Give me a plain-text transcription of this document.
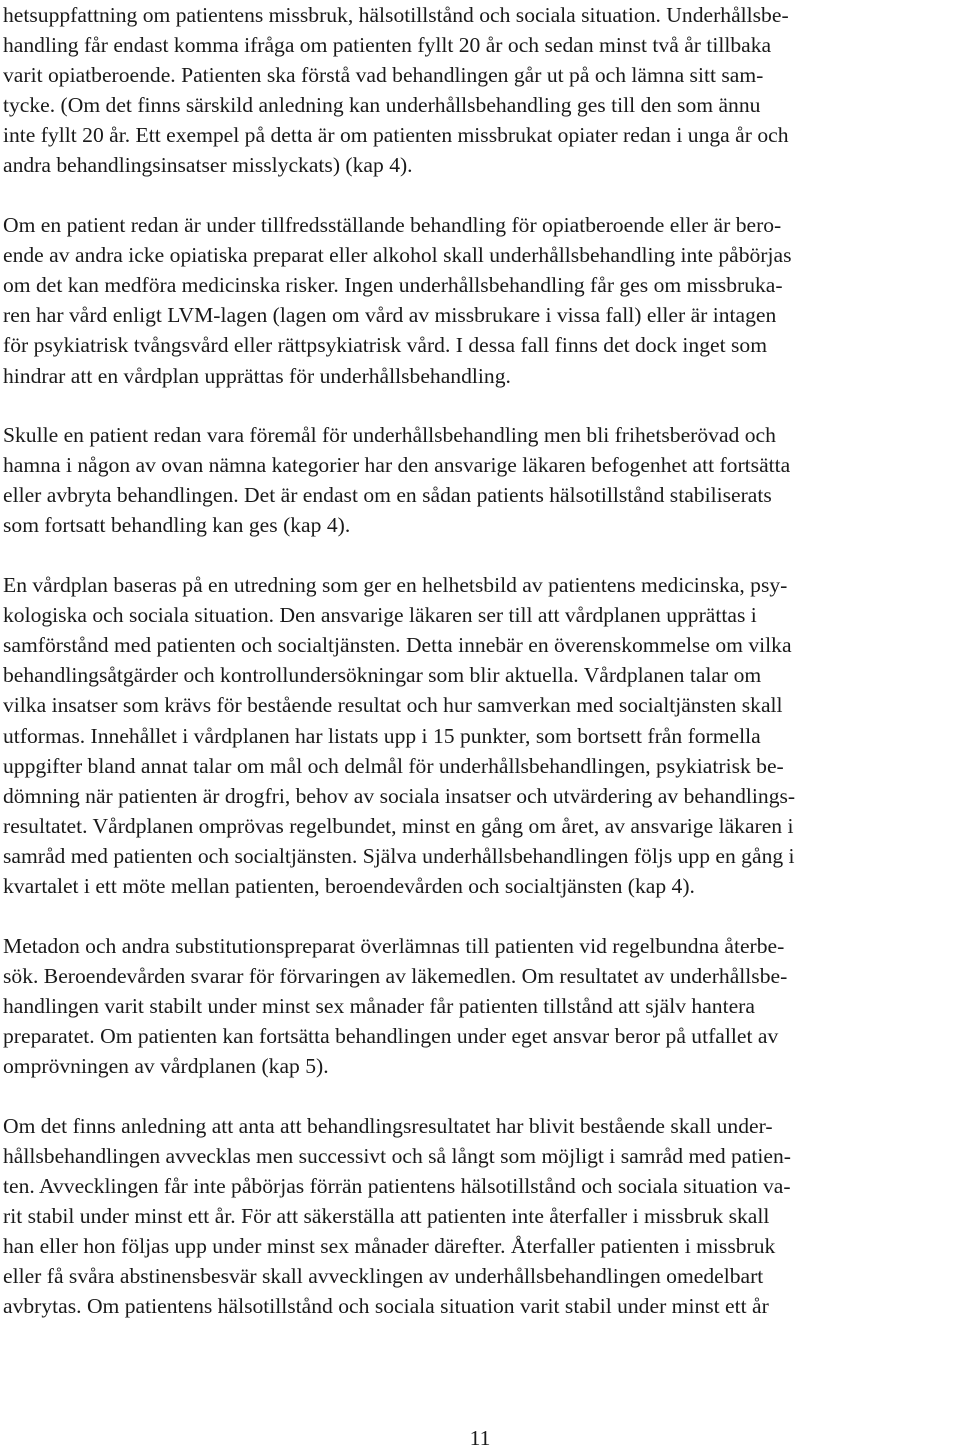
hetsuppfattning om patientens missbruk, hälsotillstånd och sociala situation. Underhållsbe-
handling får endast komma ifråga om patienten fyllt 20 år och sedan minst två år tillbaka
varit opiatberoende. Patienten ska förstå vad behandlingen går ut på och lämna sitt sam-
tycke. (Om det finns särskild anledning kan underhållsbehandling ges till den som ännu
inte fyllt 20 år. Ett exempel på detta är om patienten missbrukat opiater redan i unga år och
andra behandlingsinsatser misslyckats) (kap 4).
Om en patient redan är under tillfredsställande behandling för opiatberoende eller är bero-
ende av andra icke opiatiska preparat eller alkohol skall underhållsbehandling inte påbörjas
om det kan medföra medicinska risker. Ingen underhållsbehandling får ges om missbruka-
ren har vård enligt LVM-lagen (lagen om vård av missbrukare i vissa fall) eller är intagen
för psykiatrisk tvångsvård eller rättpsykiatrisk vård. I dessa fall finns det dock inget som
hindrar att en vårdplan upprättas för underhållsbehandling.
Skulle en patient redan vara föremål för underhållsbehandling men bli frihetsberövad och
hamna i någon av ovan nämna kategorier har den ansvarige läkaren befogenhet att fortsätta
eller avbryta behandlingen. Det är endast om en sådan patients hälsotillstånd stabiliserats
som fortsatt behandling kan ges (kap 4).
En vårdplan baseras på en utredning som ger en helhetsbild av patientens medicinska, psy-
kologiska och sociala situation. Den ansvarige läkaren ser till att vårdplanen upprättas i
samförstånd med patienten och socialtjänsten. Detta innebär en överenskommelse om vilka
behandlingsåtgärder och kontrollundersökningar som blir aktuella. Vårdplanen talar om
vilka insatser som krävs för bestående resultat och hur samverkan med socialtjänsten skall
utformas. Innehållet i vårdplanen har listats upp i 15 punkter, som bortsett från formella
uppgifter bland annat talar om mål och delmål för underhållsbehandlingen, psykiatrisk be-
dömning när patienten är drogfri, behov av sociala insatser och utvärdering av behandlings-
resultatet. Vårdplanen omprövas regelbundet, minst en gång om året, av ansvarige läkaren i
samråd med patienten och socialtjänsten. Själva underhållsbehandlingen följs upp en gång i
kvartalet i ett möte mellan patienten, beroendevården och socialtjänsten (kap 4).
Metadon och andra substitutionspreparat överlämnas till patienten vid regelbundna återbe-
sök. Beroendevården svarar för förvaringen av läkemedlen. Om resultatet av underhållsbe-
handlingen varit stabilt under minst sex månader får patienten tillstånd att själv hantera
preparatet. Om patienten kan fortsätta behandlingen under eget ansvar beror på utfallet av
omprövningen av vårdplanen (kap 5).
Om det finns anledning att anta att behandlingsresultatet har blivit bestående skall under-
hållsbehandlingen avvecklas men successivt och så långt som möjligt i samråd med patien-
ten. Avvecklingen får inte påbörjas förrän patientens hälsotillstånd och sociala situation va-
rit stabil under minst ett år. För att säkerställa att patienten inte återfaller i missbruk skall
han eller hon följas upp under minst sex månader därefter. Återfaller patienten i missbruk
eller få svåra abstinensbesvär skall avvecklingen av underhållsbehandlingen omedelbart
avbrytas. Om patientens hälsotillstånd och sociala situation varit stabil under minst ett år
11
